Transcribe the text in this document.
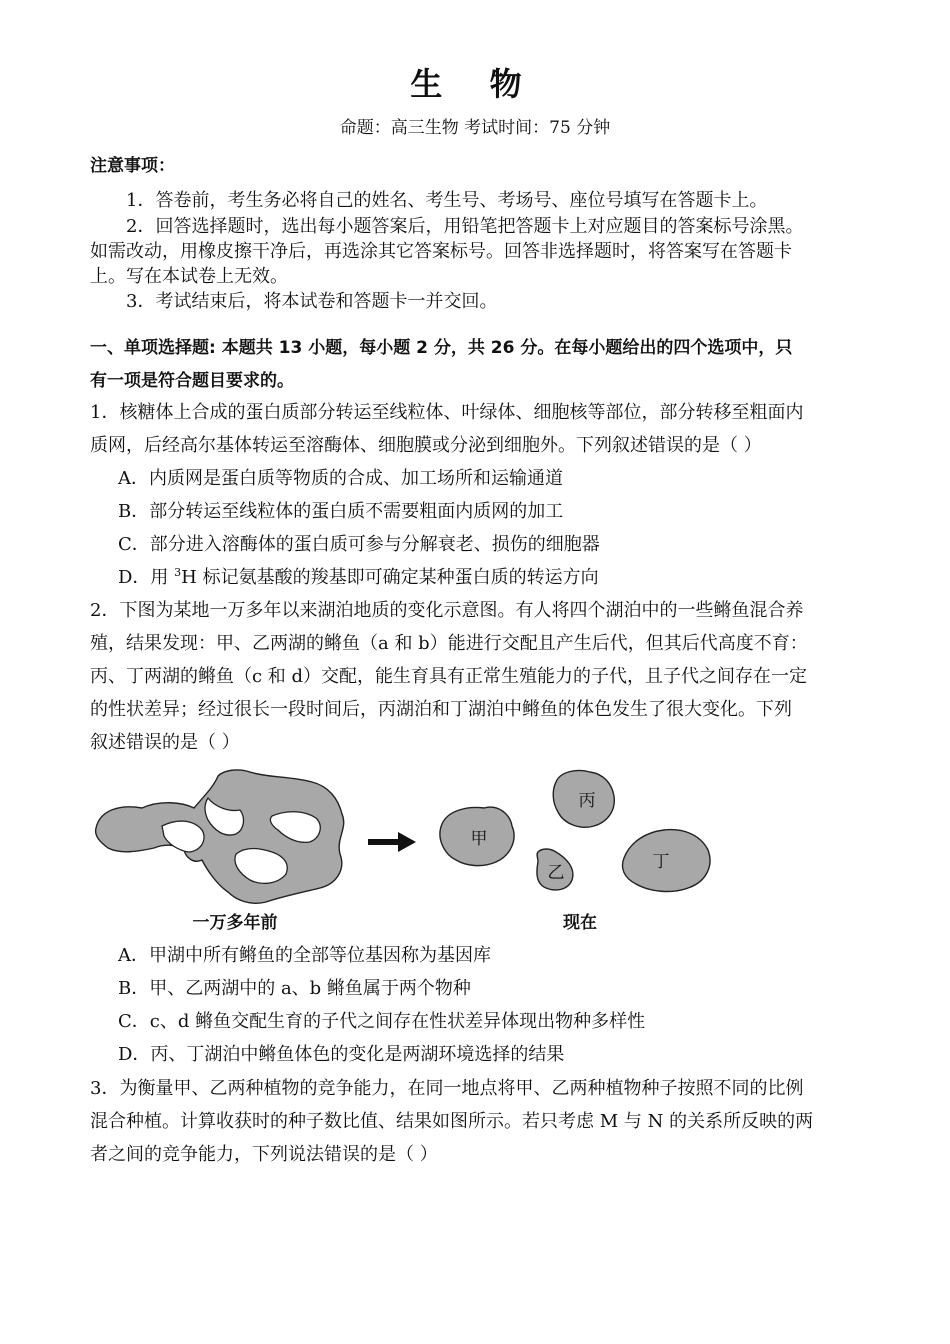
生 物
命题：高三生物 考试时间：75 分钟
注意事项：
1．答卷前，考生务必将自己的姓名、考生号、考场号、座位号填写在答题卡上。
2．回答选择题时，选出每小题答案后，用铅笔把答题卡上对应题目的答案标号涂黑。
如需改动，用橡皮擦干净后，再选涂其它答案标号。回答非选择题时，将答案写在答题卡
上。写在本试卷上无效。
3．考试结束后，将本试卷和答题卡一并交回。
一、单项选择题: 本题共 13 小题，每小题 2 分，共 26 分。在每小题给出的四个选项中，只
有一项是符合题目要求的。
1．核糖体上合成的蛋白质部分转运至线粒体、叶绿体、细胞核等部位，部分转移至粗面内
质网，后经高尔基体转运至溶酶体、细胞膜或分泌到细胞外。下列叙述错误的是（ ）
A．内质网是蛋白质等物质的合成、加工场所和运输通道
B．部分转运至线粒体的蛋白质不需要粗面内质网的加工
C．部分进入溶酶体的蛋白质可参与分解衰老、损伤的细胞器
D．用 $^3$H 标记氨基酸的羧基即可确定某种蛋白质的转运方向
2．下图为某地一万多年以来湖泊地质的变化示意图。有人将四个湖泊中的一些鳉鱼混合养
殖，结果发现：甲、乙两湖的鳉鱼（a 和 b）能进行交配且产生后代，但其后代高度不育：
丙、丁两湖的鳉鱼（c 和 d）交配，能生育具有正常生殖能力的子代，且子代之间存在一定
的性状差异；经过很长一段时间后，丙湖泊和丁湖泊中鳉鱼的体色发生了很大变化。下列
叙述错误的是（ ）
甲
丙
乙
丁
一万多年前	现在
A．甲湖中所有鳉鱼的全部等位基因称为基因库
B．甲、乙两湖中的 a、b 鳉鱼属于两个物种
C．c、d 鳉鱼交配生育的子代之间存在性状差异体现出物种多样性
D．丙、丁湖泊中鳉鱼体色的变化是两湖环境选择的结果
3．为衡量甲、乙两种植物的竞争能力，在同一地点将甲、乙两种植物种子按照不同的比例
混合种植。计算收获时的种子数比值、结果如图所示。若只考虑 M 与 N 的关系所反映的两
者之间的竞争能力，下列说法错误的是（ ）
